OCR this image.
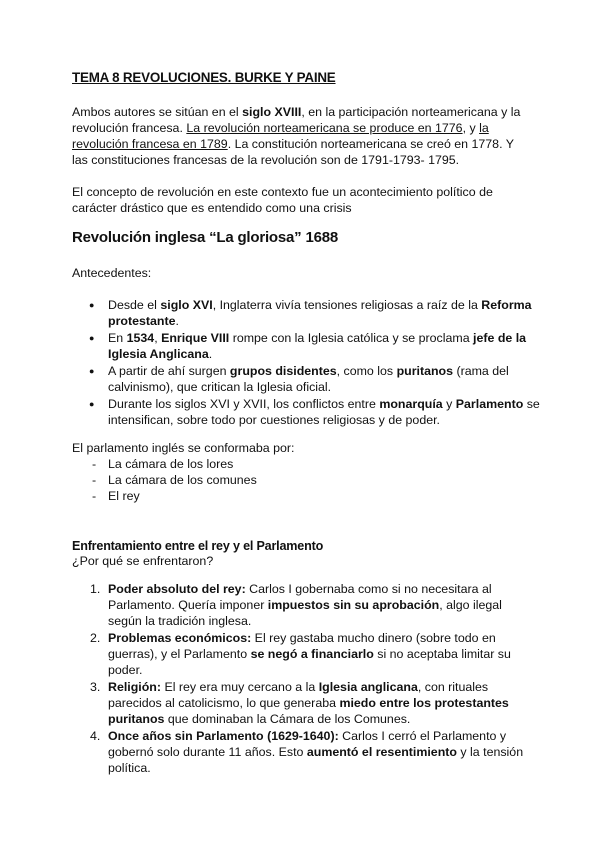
TEMA 8 REVOLUCIONES. BURKE Y PAINE

Ambos autores se sitúan en el siglo XVIII, en la participación norteamericana y la revolución francesa. La revolución norteamericana se produce en 1776, y la revolución francesa en 1789. La constitución norteamericana se creó en 1778. Y las constituciones francesas de la revolución son de 1791-1793- 1795.

El concepto de revolución en este contexto fue un acontecimiento político de carácter drástico que es entendido como una crisis

Revolución inglesa “La gloriosa” 1688

Antecedentes:

● Desde el siglo XVI, Inglaterra vivía tensiones religiosas a raíz de la Reforma protestante.
● En 1534, Enrique VIII rompe con la Iglesia católica y se proclama jefe de la Iglesia Anglicana.
● A partir de ahí surgen grupos disidentes, como los puritanos (rama del calvinismo), que critican la Iglesia oficial.
● Durante los siglos XVI y XVII, los conflictos entre monarquía y Parlamento se intensifican, sobre todo por cuestiones religiosas y de poder.

El parlamento inglés se conformaba por:

- La cámara de los lores
- La cámara de los comunes
- El rey
Enfrentamiento entre el rey y el Parlamento

¿Por qué se enfrentaron?

1. Poder absoluto del rey: Carlos I gobernaba como si no necesitara al Parlamento. Quería imponer impuestos sin su aprobación, algo ilegal según la tradición inglesa.
2. Problemas económicos: El rey gastaba mucho dinero (sobre todo en guerras), y el Parlamento se negó a financiarlo si no aceptaba limitar su poder.
3. Religión: El rey era muy cercano a la Iglesia anglicana, con rituales parecidos al catolicismo, lo que generaba miedo entre los protestantes puritanos que dominaban la Cámara de los Comunes.
4. Once años sin Parlamento (1629-1640): Carlos I cerró el Parlamento y gobernó solo durante 11 años. Esto aumentó el resentimiento y la tensión política.
